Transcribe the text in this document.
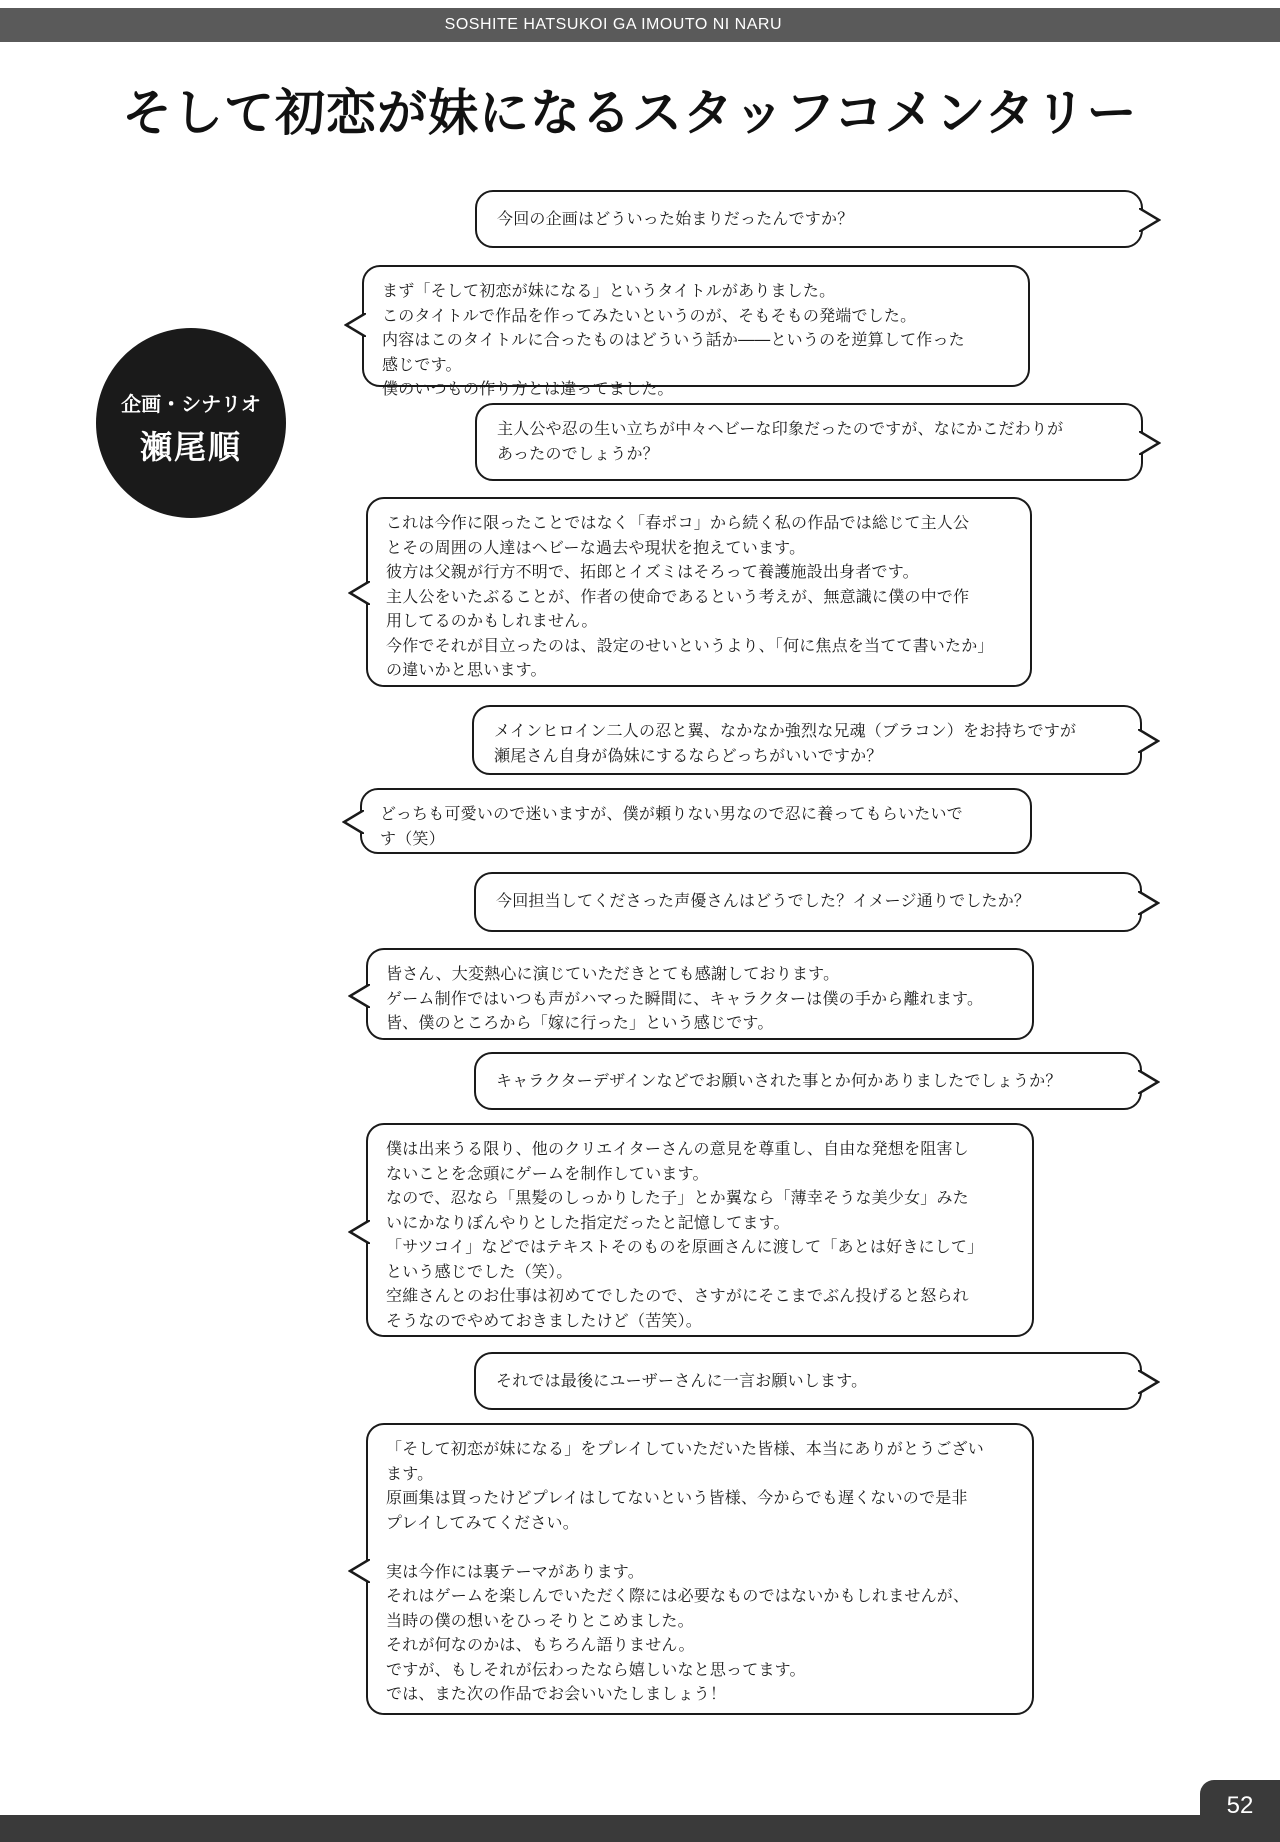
SOSHITE HATSUKOI GA IMOUTO NI NARU
そして初恋が妹になるスタッフコメンタリー
企画・シナリオ
瀬尾順

今回の企画はどういった始まりだったんですか？

まず「そして初恋が妹になる」というタイトルがありました。
このタイトルで作品を作ってみたいというのが、そもそもの発端でした。
内容はこのタイトルに合ったものはどういう話か――というのを逆算して作った
感じです。
僕のいつもの作り方とは違ってました。

主人公や忍の生い立ちが中々ヘビーな印象だったのですが、なにかこだわりが
あったのでしょうか？

これは今作に限ったことではなく「春ポコ」から続く私の作品では総じて主人公
とその周囲の人達はヘビーな過去や現状を抱えています。
彼方は父親が行方不明で、拓郎とイズミはそろって養護施設出身者です。
主人公をいたぶることが、作者の使命であるという考えが、無意識に僕の中で作
用してるのかもしれません。
今作でそれが目立ったのは、設定のせいというより、「何に焦点を当てて書いたか」
の違いかと思います。

メインヒロイン二人の忍と翼、なかなか強烈な兄魂（ブラコン）をお持ちですが
瀬尾さん自身が偽妹にするならどっちがいいですか？

どっちも可愛いので迷いますが、僕が頼りない男なので忍に養ってもらいたいで
す（笑）

今回担当してくださった声優さんはどうでした？イメージ通りでしたか？

皆さん、大変熱心に演じていただきとても感謝しております。
ゲーム制作ではいつも声がハマった瞬間に、キャラクターは僕の手から離れます。
皆、僕のところから「嫁に行った」という感じです。

キャラクターデザインなどでお願いされた事とか何かありましたでしょうか？

僕は出来うる限り、他のクリエイターさんの意見を尊重し、自由な発想を阻害し
ないことを念頭にゲームを制作しています。
なので、忍なら「黒髪のしっかりした子」とか翼なら「薄幸そうな美少女」みた
いにかなりぼんやりとした指定だったと記憶してます。
「サツコイ」などではテキストそのものを原画さんに渡して「あとは好きにして」
という感じでした（笑）。
空維さんとのお仕事は初めてでしたので、さすがにそこまでぶん投げると怒られ
そうなのでやめておきましたけど（苦笑）。

それでは最後にユーザーさんに一言お願いします。

「そして初恋が妹になる」をプレイしていただいた皆様、本当にありがとうござい
ます。
原画集は買ったけどプレイはしてないという皆様、今からでも遅くないので是非
プレイしてみてください。

実は今作には裏テーマがあります。
それはゲームを楽しんでいただく際には必要なものではないかもしれませんが、
当時の僕の想いをひっそりとこめました。
それが何なのかは、もちろん語りません。
ですが、もしそれが伝わったなら嬉しいなと思ってます。
では、また次の作品でお会いいたしましょう！

52
